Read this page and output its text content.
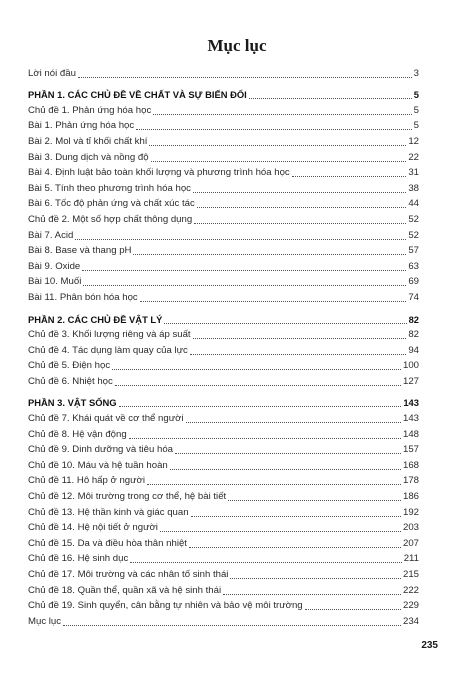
Mục lục
Lời nói đầu	3
PHẦN 1. CÁC CHỦ ĐỀ VỀ CHẤT VÀ SỰ BIẾN ĐỔI	5
Chủ đề 1. Phản ứng hóa học	5
Bài 1. Phản ứng hóa học	5
Bài 2. Mol và tỉ khối chất khí	12
Bài 3. Dung dịch và nồng độ	22
Bài 4. Định luật bảo toàn khối lượng và phương trình hóa học	31
Bài 5. Tính theo phương trình hóa học	38
Bài 6. Tốc độ phản ứng và chất xúc tác	44
Chủ đề 2. Một số hợp chất thông dụng	52
Bài 7. Acid	52
Bài 8. Base và thang pH	57
Bài 9. Oxide	63
Bài 10. Muối	69
Bài 11. Phân bón hóa học	74
PHẦN 2. CÁC CHỦ ĐỀ VẬT LÝ	82
Chủ đề 3. Khối lượng riêng và áp suất	82
Chủ đề 4. Tác dụng làm quay của lực	94
Chủ đề 5. Điện học	100
Chủ đề 6. Nhiệt học	127
PHẦN 3. VẬT SỐNG	143
Chủ đề 7. Khái quát về cơ thể người	143
Chủ đề 8. Hệ vận động	148
Chủ đề 9. Dinh dưỡng và tiêu hóa	157
Chủ đề 10. Máu và hệ tuần hoàn	168
Chủ đề 11. Hô hấp ở người	178
Chủ đề 12. Môi trường trong cơ thể, hệ bài tiết	186
Chủ đề 13. Hệ thần kinh và giác quan	192
Chủ đề 14. Hệ nội tiết ở người	203
Chủ đề 15. Da và điều hòa thân nhiệt	207
Chủ đề 16. Hệ sinh dục	211
Chủ đề 17. Môi trường và các nhân tố sinh thái	215
Chủ đề 18. Quần thể, quần xã và hệ sinh thái	222
Chủ đề 19. Sinh quyển, cân bằng tự nhiên và bảo vệ môi trường	229
Mục lục	234
235
